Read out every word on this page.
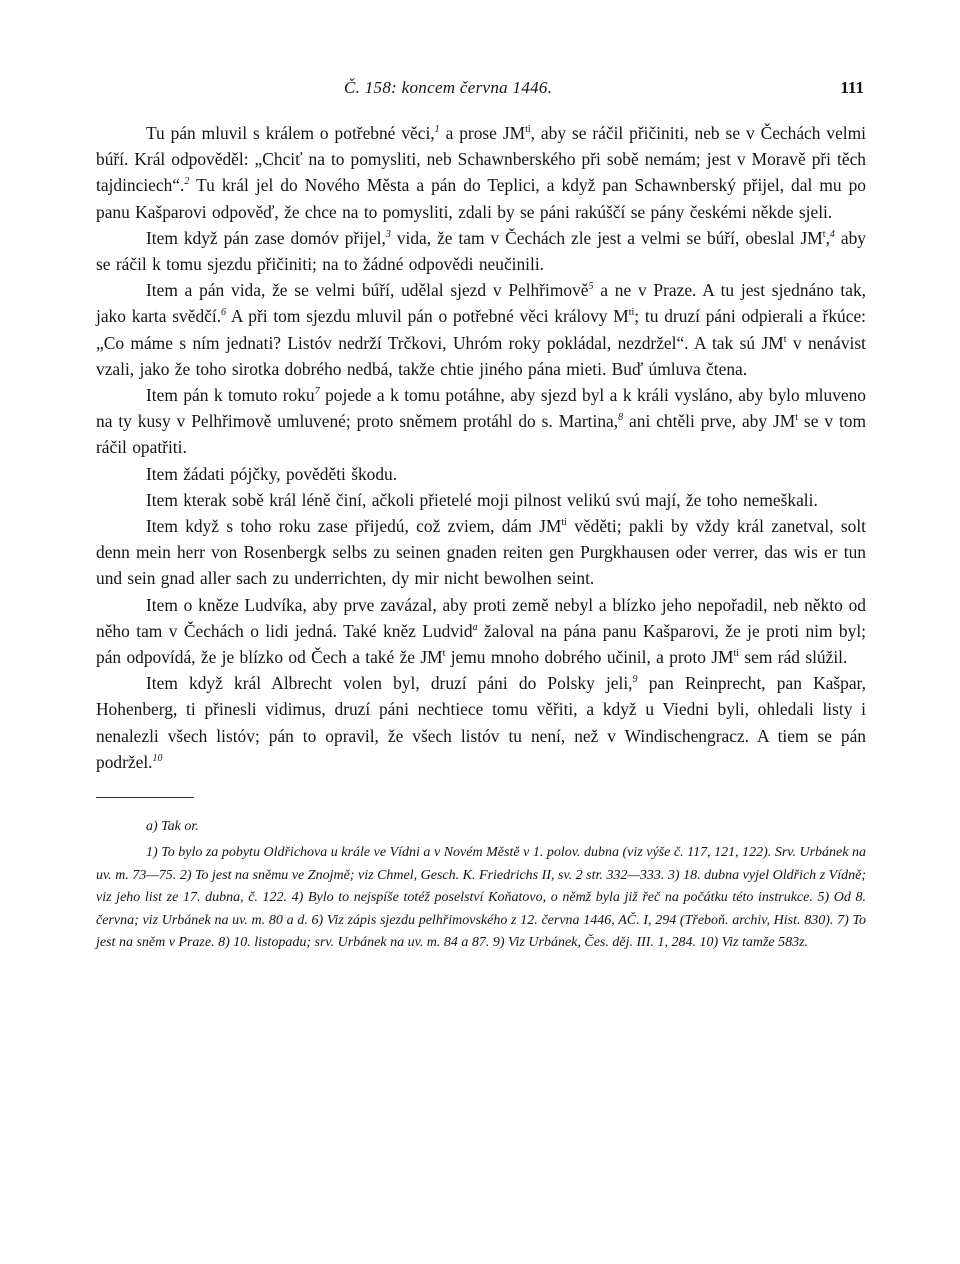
Č. 158: koncem června 1446.	111

Tu pán mluvil s králem o potřebné věci,$^1$ a prose $JM^{ti}$, aby se ráčil přičiniti, neb se v Čechách velmi búří. Král odpověděl: „Chciť na to pomysliti, neb Schawnberského při sobě nemám; jest v Moravě při těch tajdinciech“.$^2$ Tu král jel do Nového Města a pán do Teplici, a když pan Schawnberský přijel, dal mu po panu Kašparovi odpověď, že chce na to pomysliti, zdali by se páni rakúščí se pány českémi někde sjeli.

Item když pán zase domóv přijel,$^3$ vida, že tam v Čechách zle jest a velmi se búří, obeslal $JM^t,^4$ aby se ráčil k tomu sjezdu přičiniti; na to žádné odpovědi neučinili.

Item a pán vida, že se velmi búří, udělal sjezd v Pelhřimově$^5$ a ne v Praze. A tu jest sjednáno tak, jako karta svědčí.$^6$ A při tom sjezdu mluvil pán o potřebné věci královy $M^{ti}$; tu druzí páni odpierali a řkúce: „Co máme s ním jednati? Listóv nedrží Trčkovi, Uhróm roky pokládal, nezdržel“. A tak sú $JM^t$ v nenávist vzali, jako že toho sirotka dobrého nedbá, takže chtie jiného pána mieti. Buď úmluva čtena.

Item pán k tomuto roku$^7$ pojede a k tomu potáhne, aby sjezd byl a k králi vysláno, aby bylo mluveno na ty kusy v Pelhřimově umluvené; proto sněmem protáhl do s. Martina,$^8$ ani chtěli prve, aby $JM^t$ se v tom ráčil opatřiti.

Item žádati pójčky, pověděti škodu.

Item kterak sobě král léně činí, ačkoli přietelé moji pilnost velikú svú mají, že toho nemeškali.

Item když s toho roku zase přijedú, což zviem, dám $JM^{ti}$ věděti; pakli by vždy král zanetval, solt denn mein herr von Rosenbergk selbs zu seinen gnaden reiten gen Purgkhausen oder verrer, das wis er tun und sein gnad aller sach zu underrichten, dy mir nicht bewolhen seint.

Item o kněze Ludvíka, aby prve zavázal, aby proti země nebyl a blízko jeho nepořadil, neb někto od něho tam v Čechách o lidi jedná. Také kněz Ludvid$^a$ žaloval na pána panu Kašparovi, že je proti nim byl; pán odpovídá, že je blízko od Čech a také že $JM^t$ jemu mnoho dobrého učinil, a proto $JM^{ti}$ sem rád slúžil.

Item když král Albrecht volen byl, druzí páni do Polsky jeli,$^9$ pan Reinprecht, pan Kašpar, Hohenberg, ti přinesli vidimus, druzí páni nechtiece tomu věřiti, a když u Viedni byli, ohledali listy i nenalezli všech listóv; pán to opravil, že všech listóv tu není, než v Windischengracz. A tiem se pán podržel.$^{10}$

a) Tak or.

1) To bylo za pobytu Oldřichova u krále ve Vídni a v Novém Městě v 1. polov. dubna (viz výše č. 117, 121, 122). Srv. Urbánek na uv. m. 73—75. 2) To jest na sněmu ve Znojmě; viz Chmel, Gesch. K. Friedrichs II, sv. 2 str. 332—333. 3) 18. dubna vyjel Oldřich z Vídně; viz jeho list ze 17. dubna, č. 122. 4) Bylo to nejspíše totéž poselství Koňatovo, o němž byla již řeč na počátku této instrukce. 5) Od 8. června; viz Urbánek na uv. m. 80 a d. 6) Viz zápis sjezdu pelhřimovského z 12. června 1446, AČ. I, 294 (Třeboň. archiv, Hist. 830). 7) To jest na sněm v Praze. 8) 10. listopadu; srv. Urbánek na uv. m. 84 a 87. 9) Viz Urbánek, Čes. děj. III. 1, 284. 10) Viz tamže 583z.
